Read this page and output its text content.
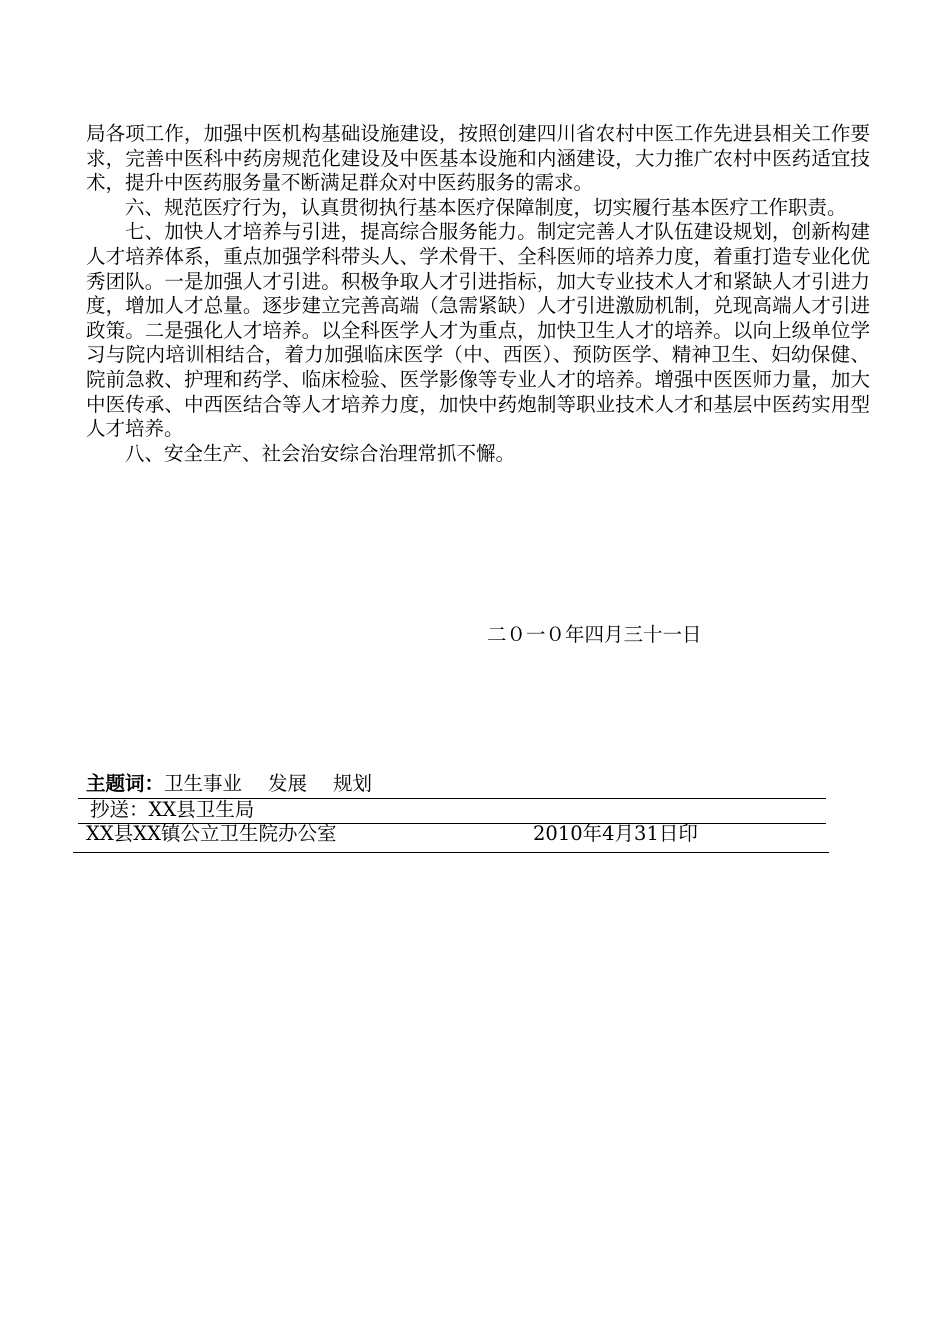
局各项工作，加强中医机构基础设施建设，按照创建四川省农村中医工作先进县相关工作要求，完善中医科中药房规范化建设及中医基本设施和内涵建设，大力推广农村中医药适宜技术，提升中医药服务量不断满足群众对中医药服务的需求。

六、规范医疗行为，认真贯彻执行基本医疗保障制度，切实履行基本医疗工作职责。

七、加快人才培养与引进，提高综合服务能力。制定完善人才队伍建设规划，创新构建人才培养体系，重点加强学科带头人、学术骨干、全科医师的培养力度，着重打造专业化优秀团队。一是加强人才引进。积极争取人才引进指标，加大专业技术人才和紧缺人才引进力度，增加人才总量。逐步建立完善高端（急需紧缺）人才引进激励机制，兑现高端人才引进政策。二是强化人才培养。以全科医学人才为重点，加快卫生人才的培养。以向上级单位学习与院内培训相结合，着力加强临床医学（中、西医）、预防医学、精神卫生、妇幼保健、院前急救、护理和药学、临床检验、医学影像等专业人才的培养。增强中医医师力量，加大中医传承、中西医结合等人才培养力度，加快中药炮制等职业技术人才和基层中医药实用型人才培养。

八、安全生产、社会治安综合治理常抓不懈。

二０一０年四月三十一日
主题词：卫生事业 发展 规划
抄送：XX县卫生局
XX县XX镇公立卫生院办公室	2010年4月31日印
